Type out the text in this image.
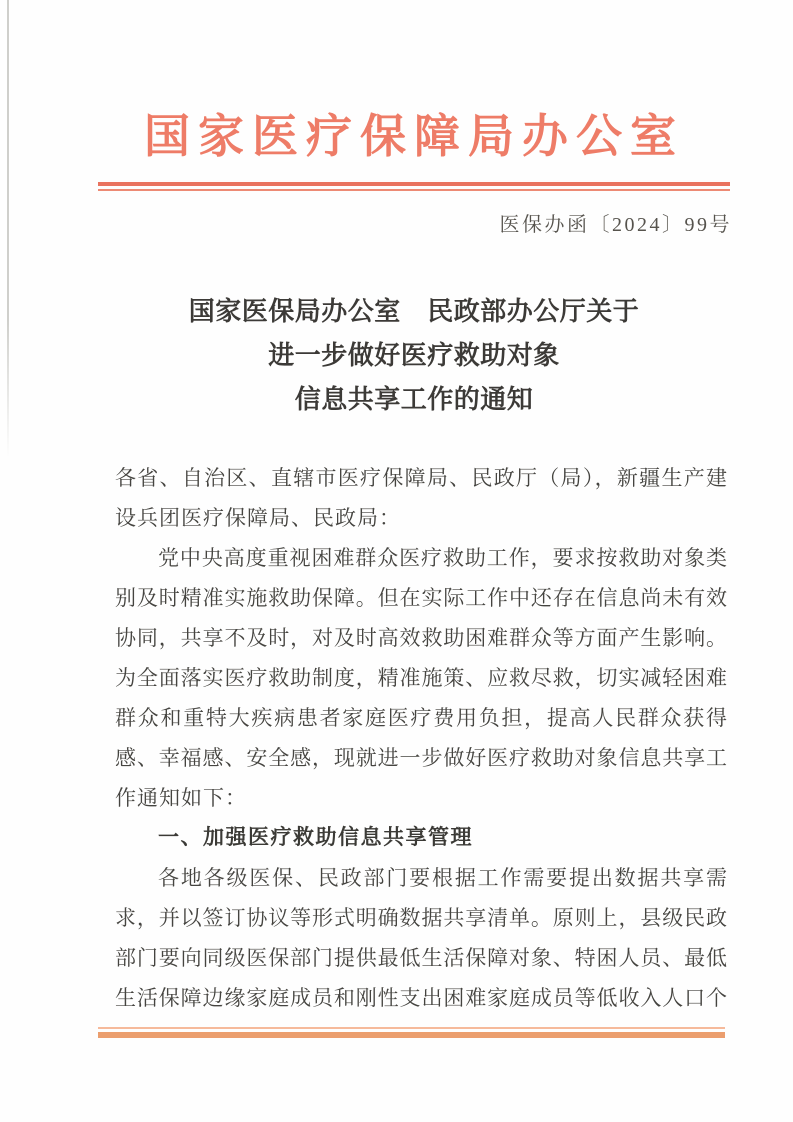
国家医疗保障局办公室
医保办函〔2024〕99号
国家医保局办公室　民政部办公厅关于
进一步做好医疗救助对象
信息共享工作的通知
各省、自治区、直辖市医疗保障局、民政厅（局），新疆生产建
设兵团医疗保障局、民政局：
党中央高度重视困难群众医疗救助工作，要求按救助对象类
别及时精准实施救助保障。但在实际工作中还存在信息尚未有效
协同，共享不及时，对及时高效救助困难群众等方面产生影响。
为全面落实医疗救助制度，精准施策、应救尽救，切实减轻困难
群众和重特大疾病患者家庭医疗费用负担，提高人民群众获得
感、幸福感、安全感，现就进一步做好医疗救助对象信息共享工
作通知如下：
一、加强医疗救助信息共享管理
各地各级医保、民政部门要根据工作需要提出数据共享需
求，并以签订协议等形式明确数据共享清单。原则上，县级民政
部门要向同级医保部门提供最低生活保障对象、特困人员、最低
生活保障边缘家庭成员和刚性支出困难家庭成员等低收入人口个
